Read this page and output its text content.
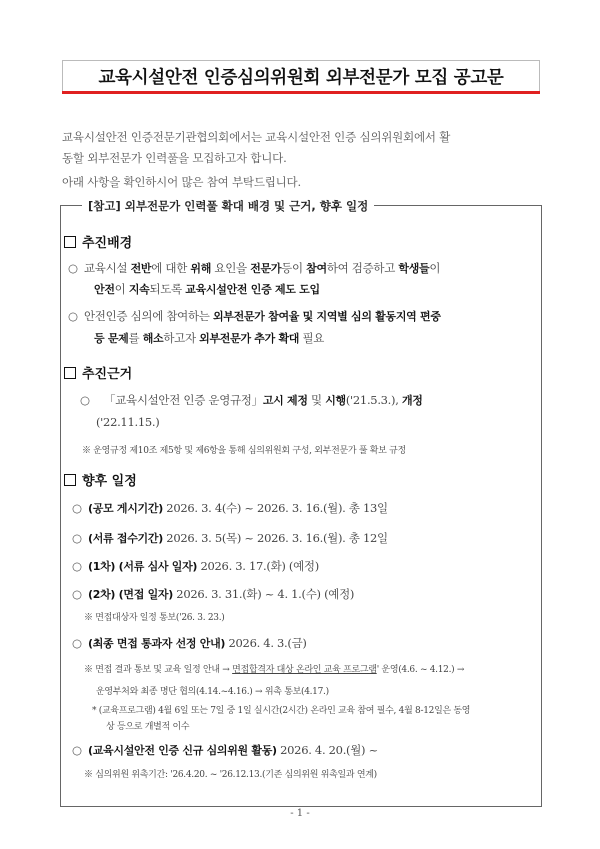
교육시설안전 인증심의위원회 외부전문가 모집 공고문
교육시설안전 인증전문기관협의회에서는 교육시설안전 인증 심의위원회에서 활
동할 외부전문가 인력풀을 모집하고자 합니다.
아래 사항을 확인하시어 많은 참여 부탁드립니다.
[참고] 외부전문가 인력풀 확대 배경 및 근거, 향후 일정
추진배경
○ 교육시설 전반에 대한 위해 요인을 전문가등이 참여하여 검증하고 학생들이
안전이 지속되도록 교육시설안전 인증 제도 도입
○ 안전인증 심의에 참여하는 외부전문가 참여율 및 지역별 심의 활동지역 편중
등 문제를 해소하고자 외부전문가 추가 확대 필요
추진근거
○ 「교육시설안전 인증 운영규정」고시 제정 및 시행('21.5.3.), 개정
('22.11.15.)
※ 운영규정 제10조 제5항 및 제6항을 통해 심의위원회 구성, 외부전문가 풀 확보 규정
향후 일정
○ (공모 게시기간) 2026. 3. 4(수) ~ 2026. 3. 16.(월). 총 13일
○ (서류 접수기간) 2026. 3. 5(목) ~ 2026. 3. 16.(월). 총 12일
○ (1차) (서류 심사 일자) 2026. 3. 17.(화) (예정)
○ (2차) (면접 일자) 2026. 3. 31.(화) ~ 4. 1.(수) (예정)
※ 면접대상자 일정 통보('26. 3. 23.)
○ (최종 면접 통과자 선정 안내) 2026. 4. 3.(금)
※ 면접 결과 통보 및 교육 일정 안내 → 면접합격자 대상 온라인 교육 프로그램' 운영(4.6. ~ 4.12.) →
운영부처와 최종 명단 협의(4.14.~4.16.) → 위촉 통보(4.17.)
* (교육프로그램) 4월 6일 또는 7일 중 1일 실시간(2시간) 온라인 교육 참여 필수, 4월 8-12일은 동영
상 등으로 개별적 이수
○ (교육시설안전 인증 신규 심의위원 활동) 2026. 4. 20.(월) ~
※ 심의위원 위촉기간: '26.4.20. ~ '26.12.13.(기존 심의위원 위촉일과 연계)
- 1 -
